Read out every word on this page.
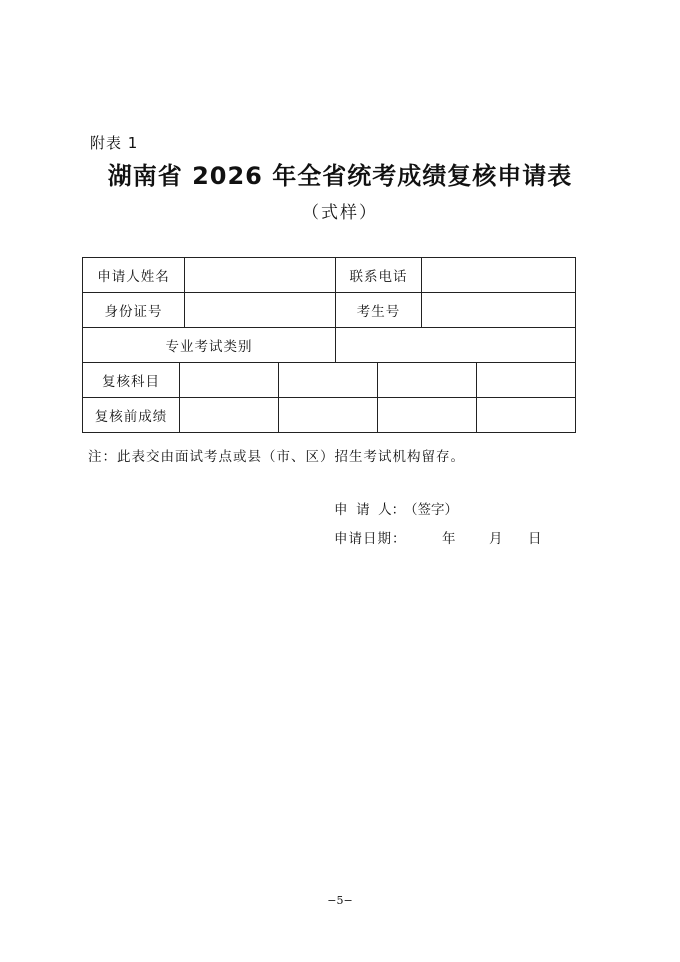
附表 1
湖南省 2026 年全省统考成绩复核申请表
（式样）
申请人姓名	联系电话
身份证号	考生号
专业考试类别
复核科目
复核前成绩
注：此表交由面试考点或县（市、区）招生考试机构留存。
申  请  人：
（签字）
申请日期：	年 月 日
−5−
